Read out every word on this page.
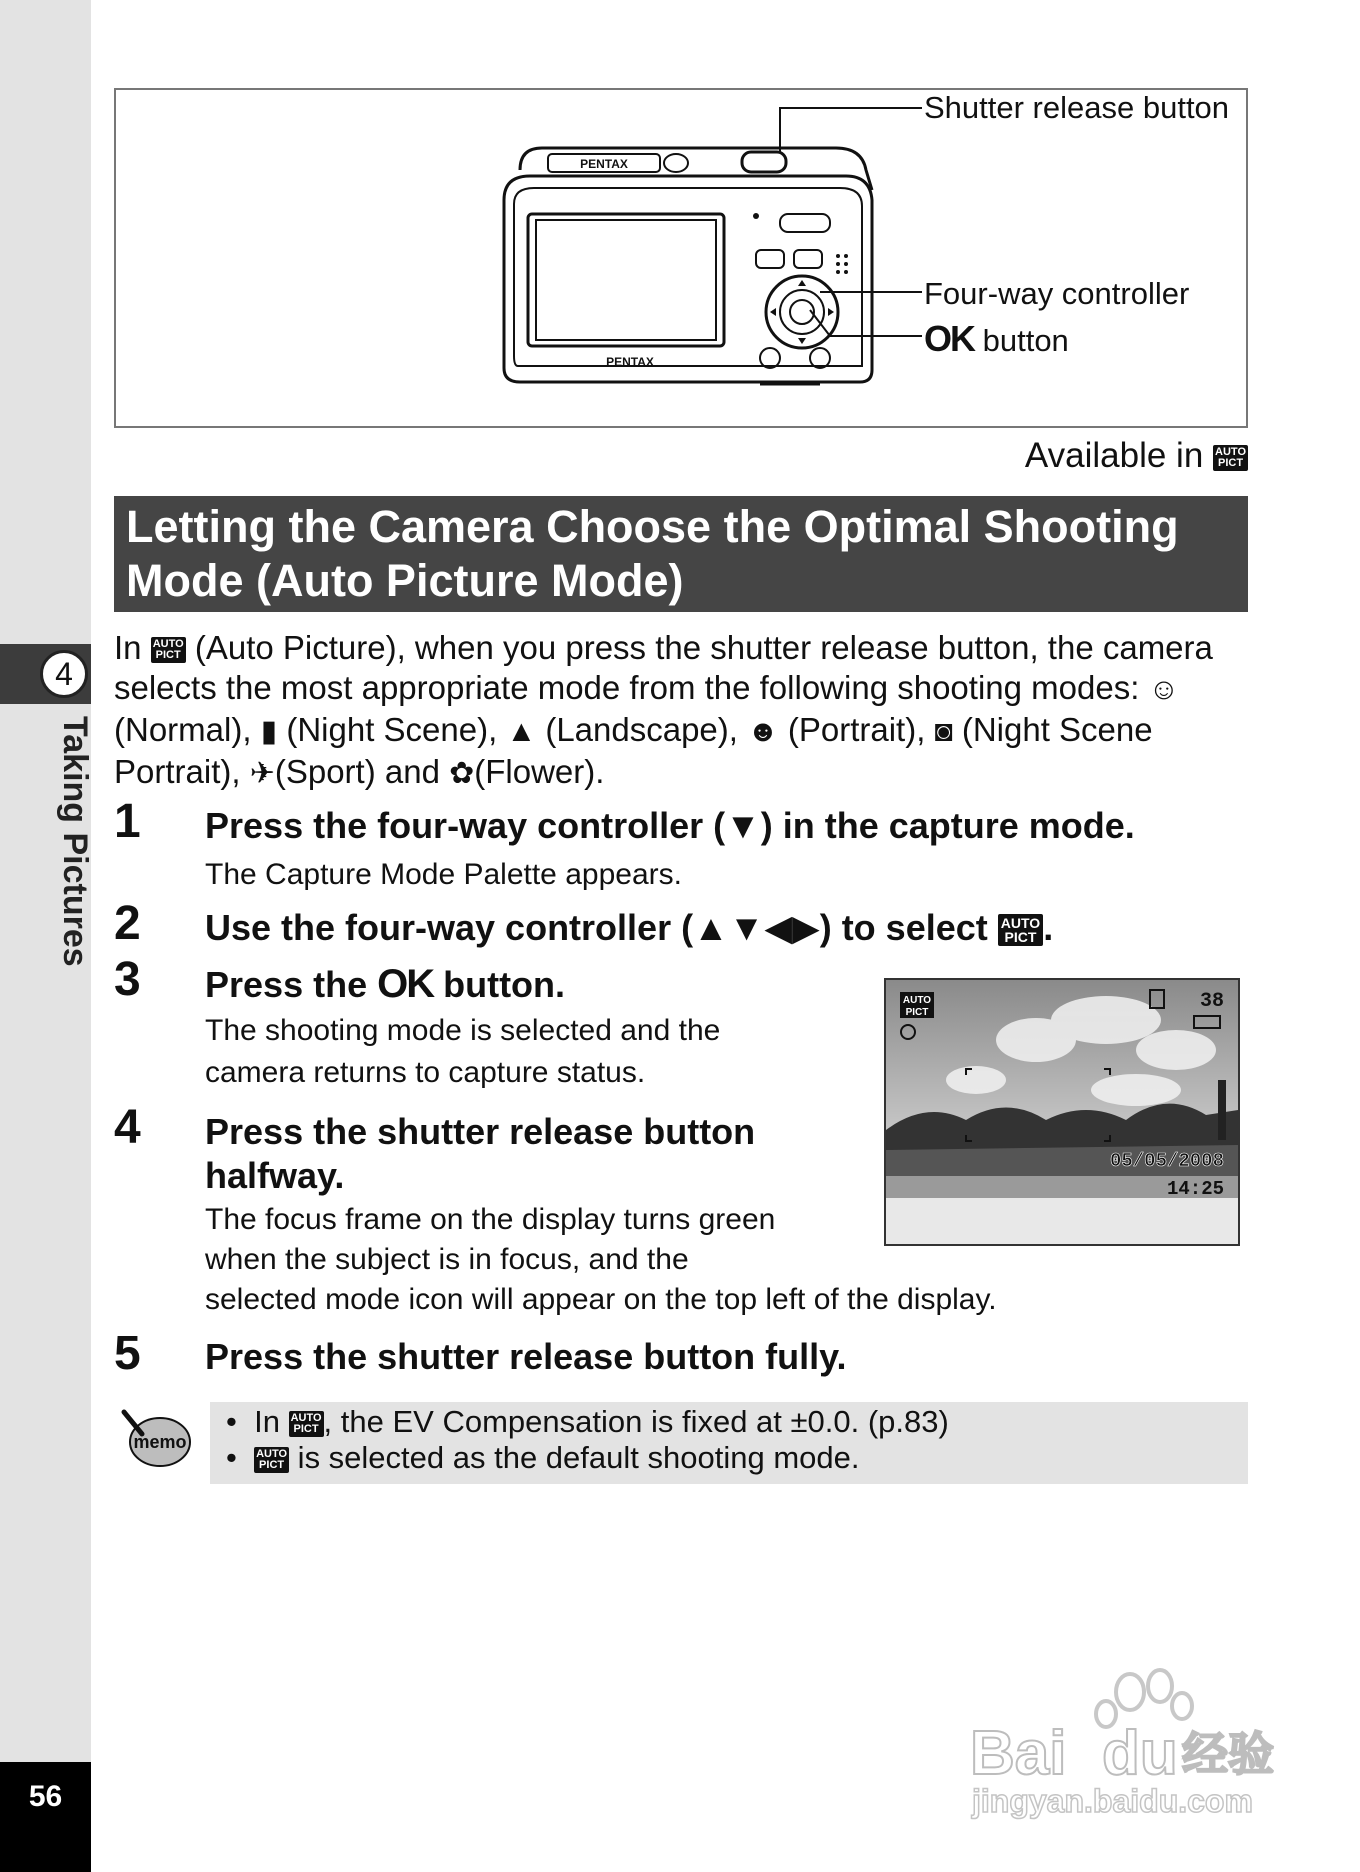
4
Taking Pictures
56
PENTAX
PENTAX
Shutter release button
Four-way controller
OK button
Available in AUTO
PICT
Letting the Camera Choose the Optimal Shooting
Mode (Auto Picture Mode)
In AUTO
PICT (Auto Picture), when you press the shutter release button, the camera selects the most appropriate mode from the following shooting modes: ☺ (Normal), ▮ (Night Scene), ▲ (Landscape), ☻ (Portrait), ◙ (Night Scene Portrait), ✈(Sport) and ✿(Flower).
1 Press the four-way controller (▼) in the capture mode.
The Capture Mode Palette appears.
2 Use the four-way controller (▲▼◀▶) to select AUTO
PICT .
3 Press the OK button.
The shooting mode is selected and the
camera returns to capture status.
4 Press the shutter release button
halfway.
The focus frame on the display turns green
when the subject is in focus, and the
selected mode icon will appear on the top left of the display.
5 Press the shutter release button fully.
AUTO
PICT	38
05/05/2008
14:25
memo
•  In AUTO
PICT , the EV Compensation is fixed at ±0.0. (p.83)
• AUTO
PICT is selected as the default shooting mode.
Bai du 经验
jingyan.baidu.com
